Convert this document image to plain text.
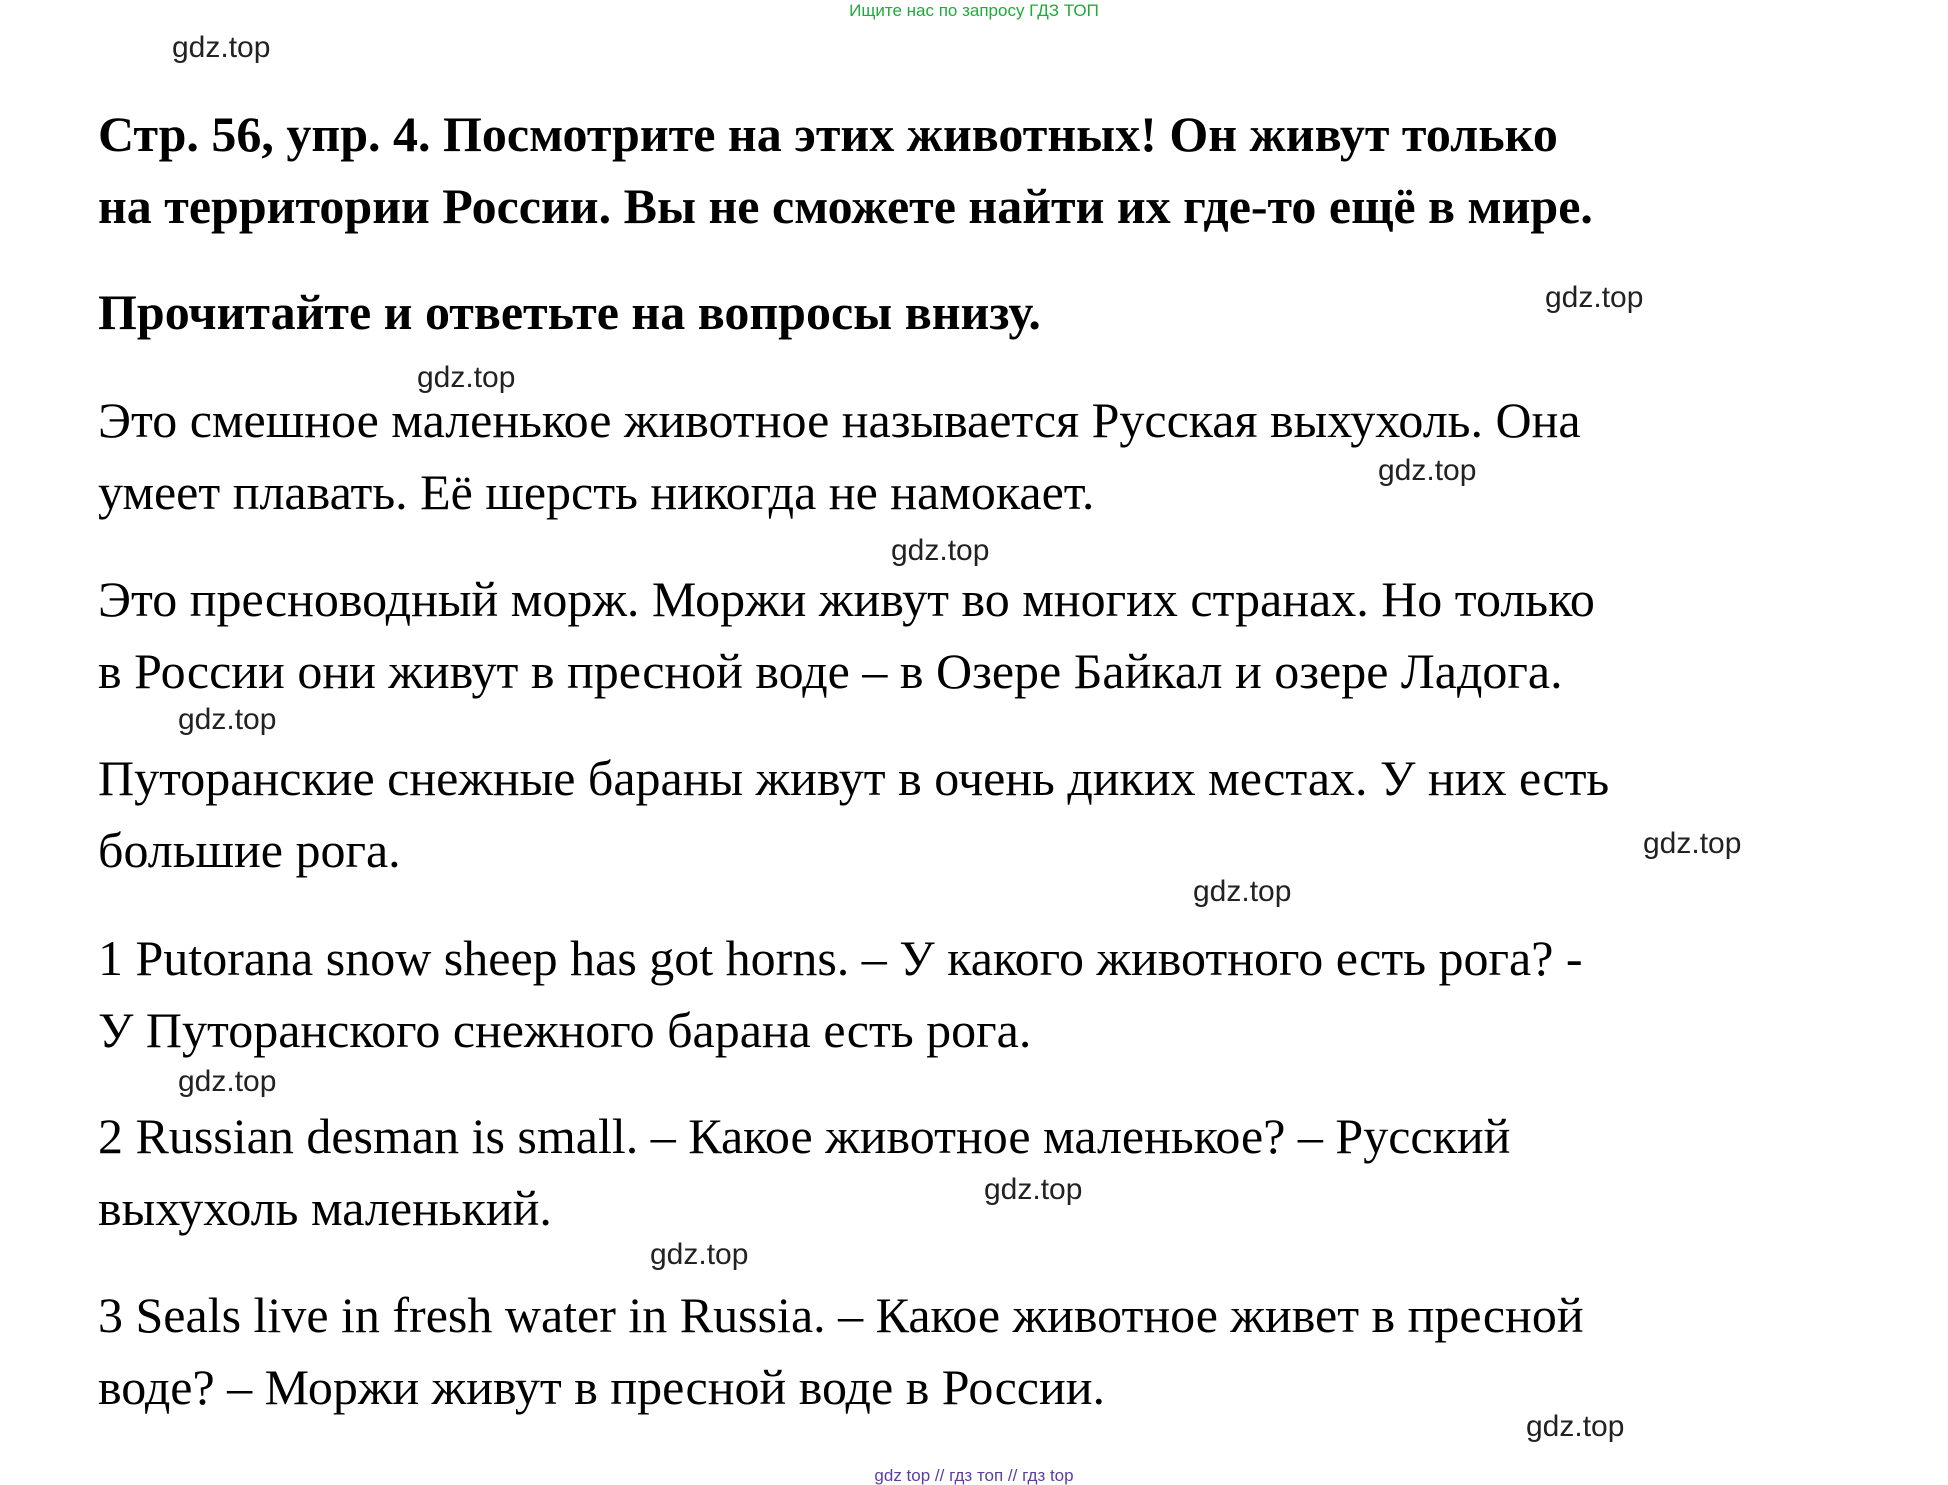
Ищите нас по запросу ГДЗ ТОП
gdz.top
Стр. 56, упр. 4. Посмотрите на этих животных! Он живут только
на территории России. Вы не сможете найти их где-то ещё в мире.
Прочитайте и ответьте на вопросы внизу.	gdz.top
gdz.top
Это смешное маленькое животное называется Русская выхухоль. Она
умеет плавать. Её шерсть никогда не намокает.	gdz.top
gdz.top
Это пресноводный морж. Моржи живут во многих странах. Но только
в России они живут в пресной воде – в Озере Байкал и озере Ладога.
gdz.top
Путоранские снежные бараны живут в очень диких местах. У них есть
большие рога.	gdz.top
gdz.top
1 Putorana snow sheep has got horns. – У какого животного есть рога? -
У Путоранского снежного барана есть рога.
gdz.top
2 Russian desman is small. – Какое животное маленькое? – Русский
выхухоль маленький.	gdz.top
gdz.top
3 Seals live in fresh water in Russia. – Какое животное живет в пресной
воде? – Моржи живут в пресной воде в России.
gdz.top
gdz top // гдз топ // гдз top
